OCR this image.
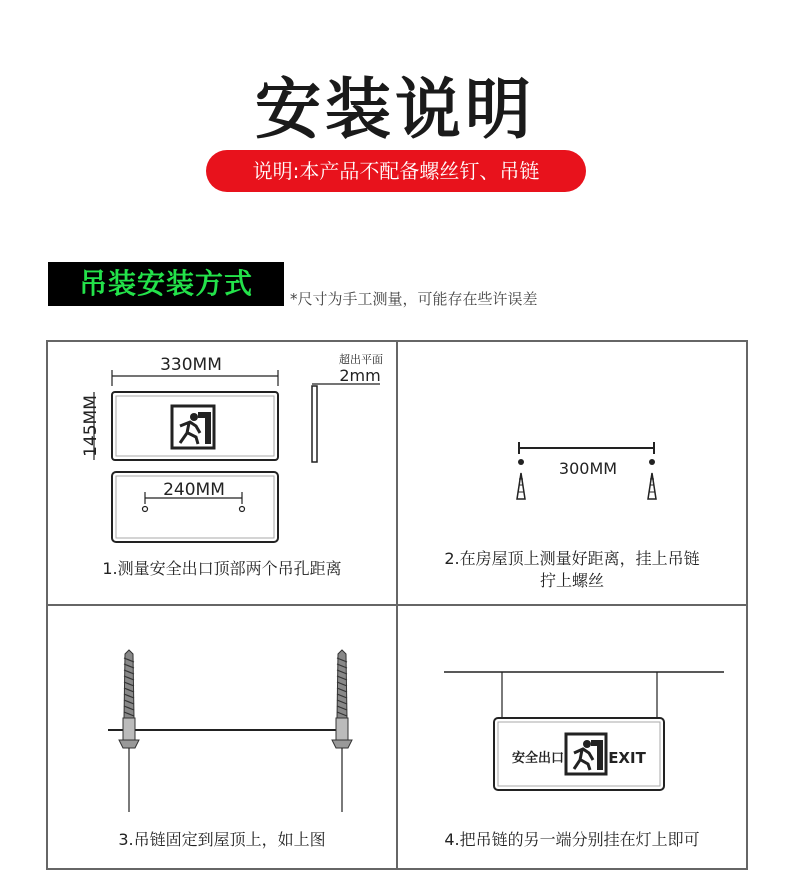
安装说明
说明:本产品不配备螺丝钉、吊链
吊装安装方式	*尺寸为手工测量，可能存在些许误差
330MM
145MM
超出平面
2mm
240MM
1.测量安全出口顶部两个吊孔距离
300MM
2.在房屋顶上测量好距离，挂上吊链
拧上螺丝
3.吊链固定到屋顶上，如上图
安全出口	EXIT
4.把吊链的另一端分别挂在灯上即可
